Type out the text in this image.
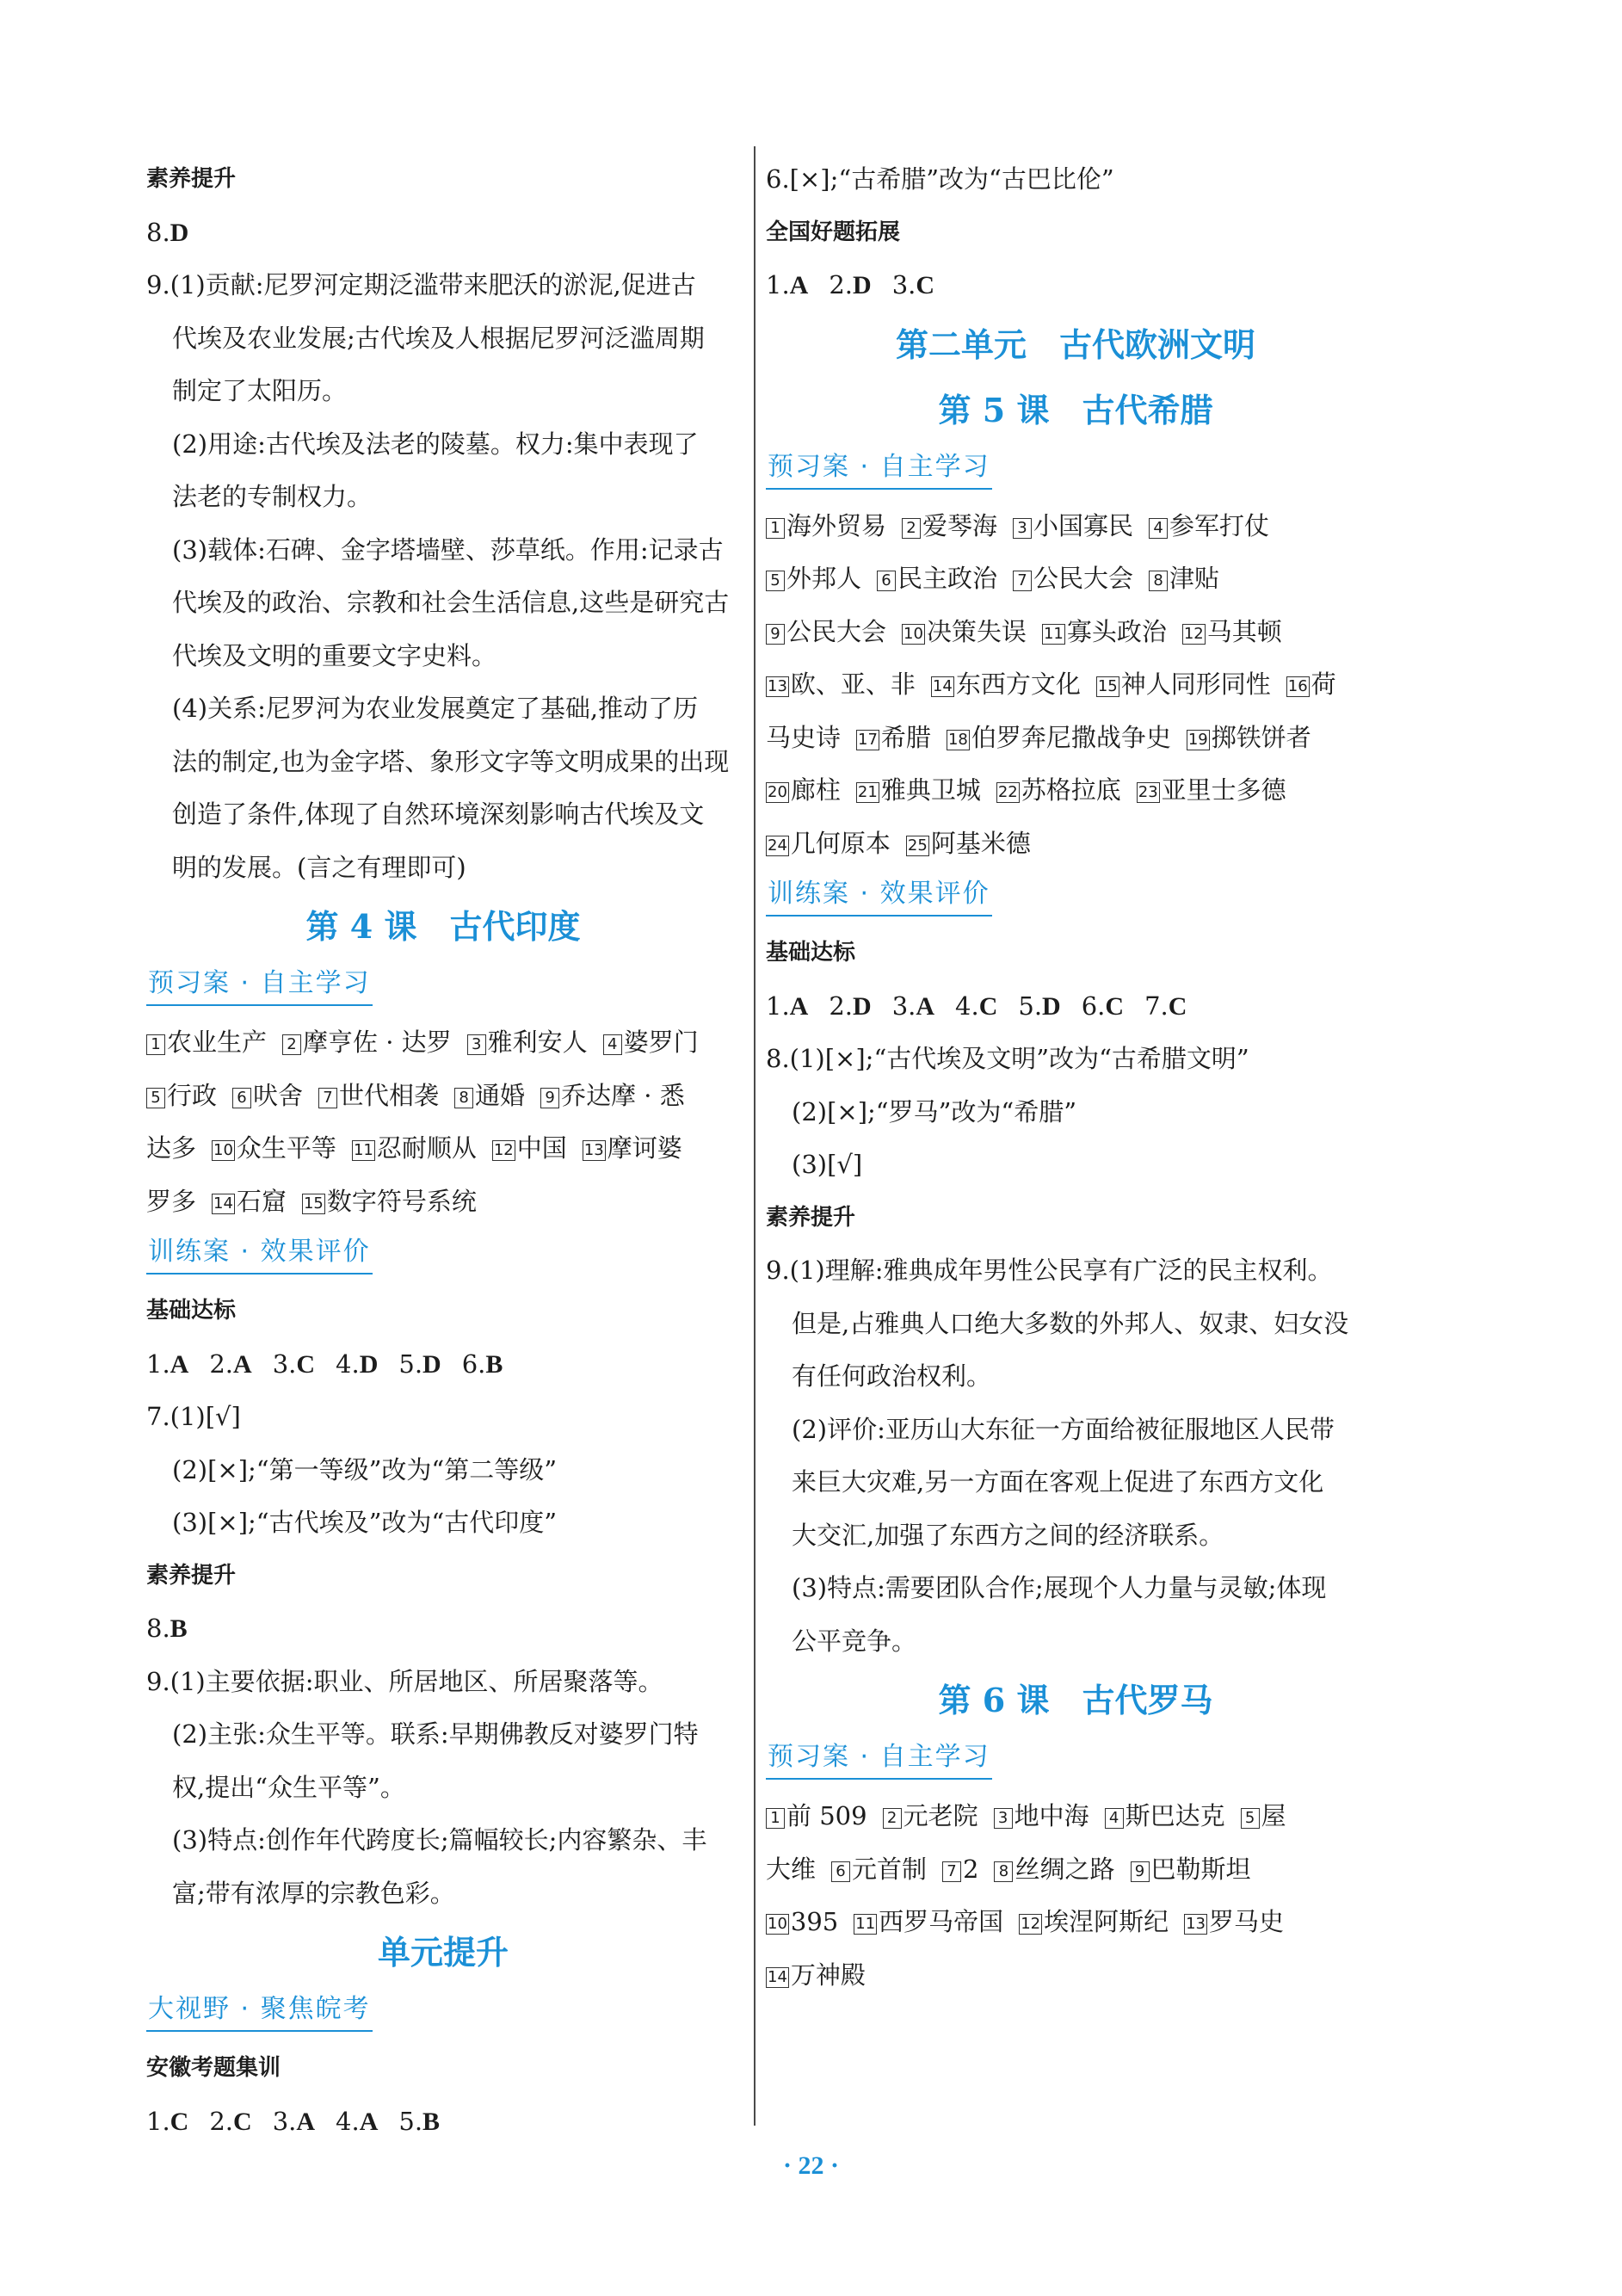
素养提升
8.D
9.(1)贡献:尼罗河定期泛滥带来肥沃的淤泥,促进古
代埃及农业发展;古代埃及人根据尼罗河泛滥周期
制定了太阳历。
(2)用途:古代埃及法老的陵墓。权力:集中表现了
法老的专制权力。
(3)载体:石碑、金字塔墙壁、莎草纸。作用:记录古
代埃及的政治、宗教和社会生活信息,这些是研究古
代埃及文明的重要文字史料。
(4)关系:尼罗河为农业发展奠定了基础,推动了历
法的制定,也为金字塔、象形文字等文明成果的出现
创造了条件,体现了自然环境深刻影响古代埃及文
明的发展。(言之有理即可)
第 4 课　古代印度
预习案 · 自主学习
1 农业生产 2 摩亨佐 · 达罗 3 雅利安人 4 婆罗门
5 行政 6 吠舍 7 世代相袭 8 通婚 9 乔达摩 · 悉
达多 10 众生平等 11 忍耐顺从 12 中国 13 摩诃婆
罗多 14 石窟 15 数字符号系统
训练案 · 效果评价
基础达标
1.A 2.A 3.C 4.D 5.D 6.B
7.(1)[√]
(2)[×];“第一等级”改为“第二等级”
(3)[×];“古代埃及”改为“古代印度”
素养提升
8.B
9.(1)主要依据:职业、所居地区、所居聚落等。
(2)主张:众生平等。联系:早期佛教反对婆罗门特
权,提出“众生平等”。
(3)特点:创作年代跨度长;篇幅较长;内容繁杂、丰
富;带有浓厚的宗教色彩。
单元提升
大视野 · 聚焦皖考
安徽考题集训
1.C 2.C 3.A 4.A 5.B
6.[×];“古希腊”改为“古巴比伦”
全国好题拓展
1.A 2.D 3.C
第二单元　古代欧洲文明
第 5 课　古代希腊
预习案 · 自主学习
1 海外贸易 2 爱琴海 3 小国寡民 4 参军打仗
5 外邦人 6 民主政治 7 公民大会 8 津贴
9 公民大会 10 决策失误 11 寡头政治 12 马其顿
13 欧、亚、非 14 东西方文化 15 神人同形同性 16 荷
马史诗 17 希腊 18 伯罗奔尼撒战争史 19 掷铁饼者
20 廊柱 21 雅典卫城 22 苏格拉底 23 亚里士多德
24 几何原本 25 阿基米德
训练案 · 效果评价
基础达标
1.A 2.D 3.A 4.C 5.D 6.C 7.C
8.(1)[×];“古代埃及文明”改为“古希腊文明”
(2)[×];“罗马”改为“希腊”
(3)[√]
素养提升
9.(1)理解:雅典成年男性公民享有广泛的民主权利。
但是,占雅典人口绝大多数的外邦人、奴隶、妇女没
有任何政治权利。
(2)评价:亚历山大东征一方面给被征服地区人民带
来巨大灾难,另一方面在客观上促进了东西方文化
大交汇,加强了东西方之间的经济联系。
(3)特点:需要团队合作;展现个人力量与灵敏;体现
公平竞争。
第 6 课　古代罗马
预习案 · 自主学习
1 前 509 2 元老院 3 地中海 4 斯巴达克 5 屋
大维 6 元首制 7 2 8 丝绸之路 9 巴勒斯坦
10 395 11 西罗马帝国 12 埃涅阿斯纪 13 罗马史
14 万神殿
· 22 ·
